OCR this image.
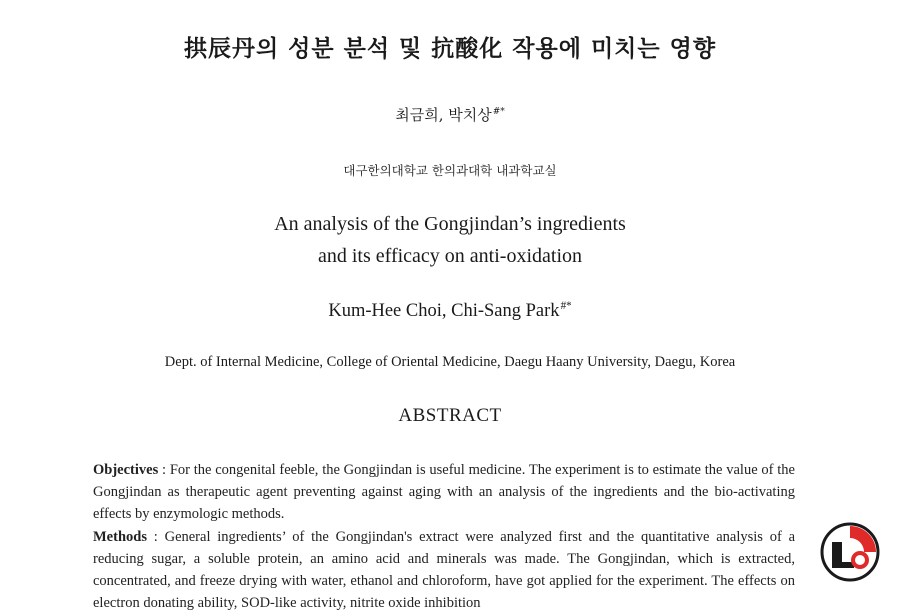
拱辰丹의 성분 분석 및 抗酸化 작용에 미치는 영향
최금희, 박치상#*
대구한의대학교 한의과대학 내과학교실
An analysis of the Gongjindan’s ingredients
and its efficacy on anti-oxidation
Kum-Hee Choi, Chi-Sang Park#*
Dept. of Internal Medicine, College of Oriental Medicine, Daegu Haany University, Daegu, Korea
ABSTRACT

Objectives : For the congenital feeble, the Gongjindan is useful medicine. The experiment is to estimate the value of the Gongjindan as therapeutic agent preventing against aging with an analysis of the ingredients and the bio-activating effects by enzymologic methods.

Methods : General ingredients’ of the Gongjindan's extract were analyzed first and the quantitative analysis of a reducing sugar, a soluble protein, an amino acid and minerals was made. The Gongjindan, which is extracted, concentrated, and freeze drying with water, ethanol and chloroform, have got applied for the experiment. The effects on electron donating ability, SOD-like activity, nitrite oxide inhibition
